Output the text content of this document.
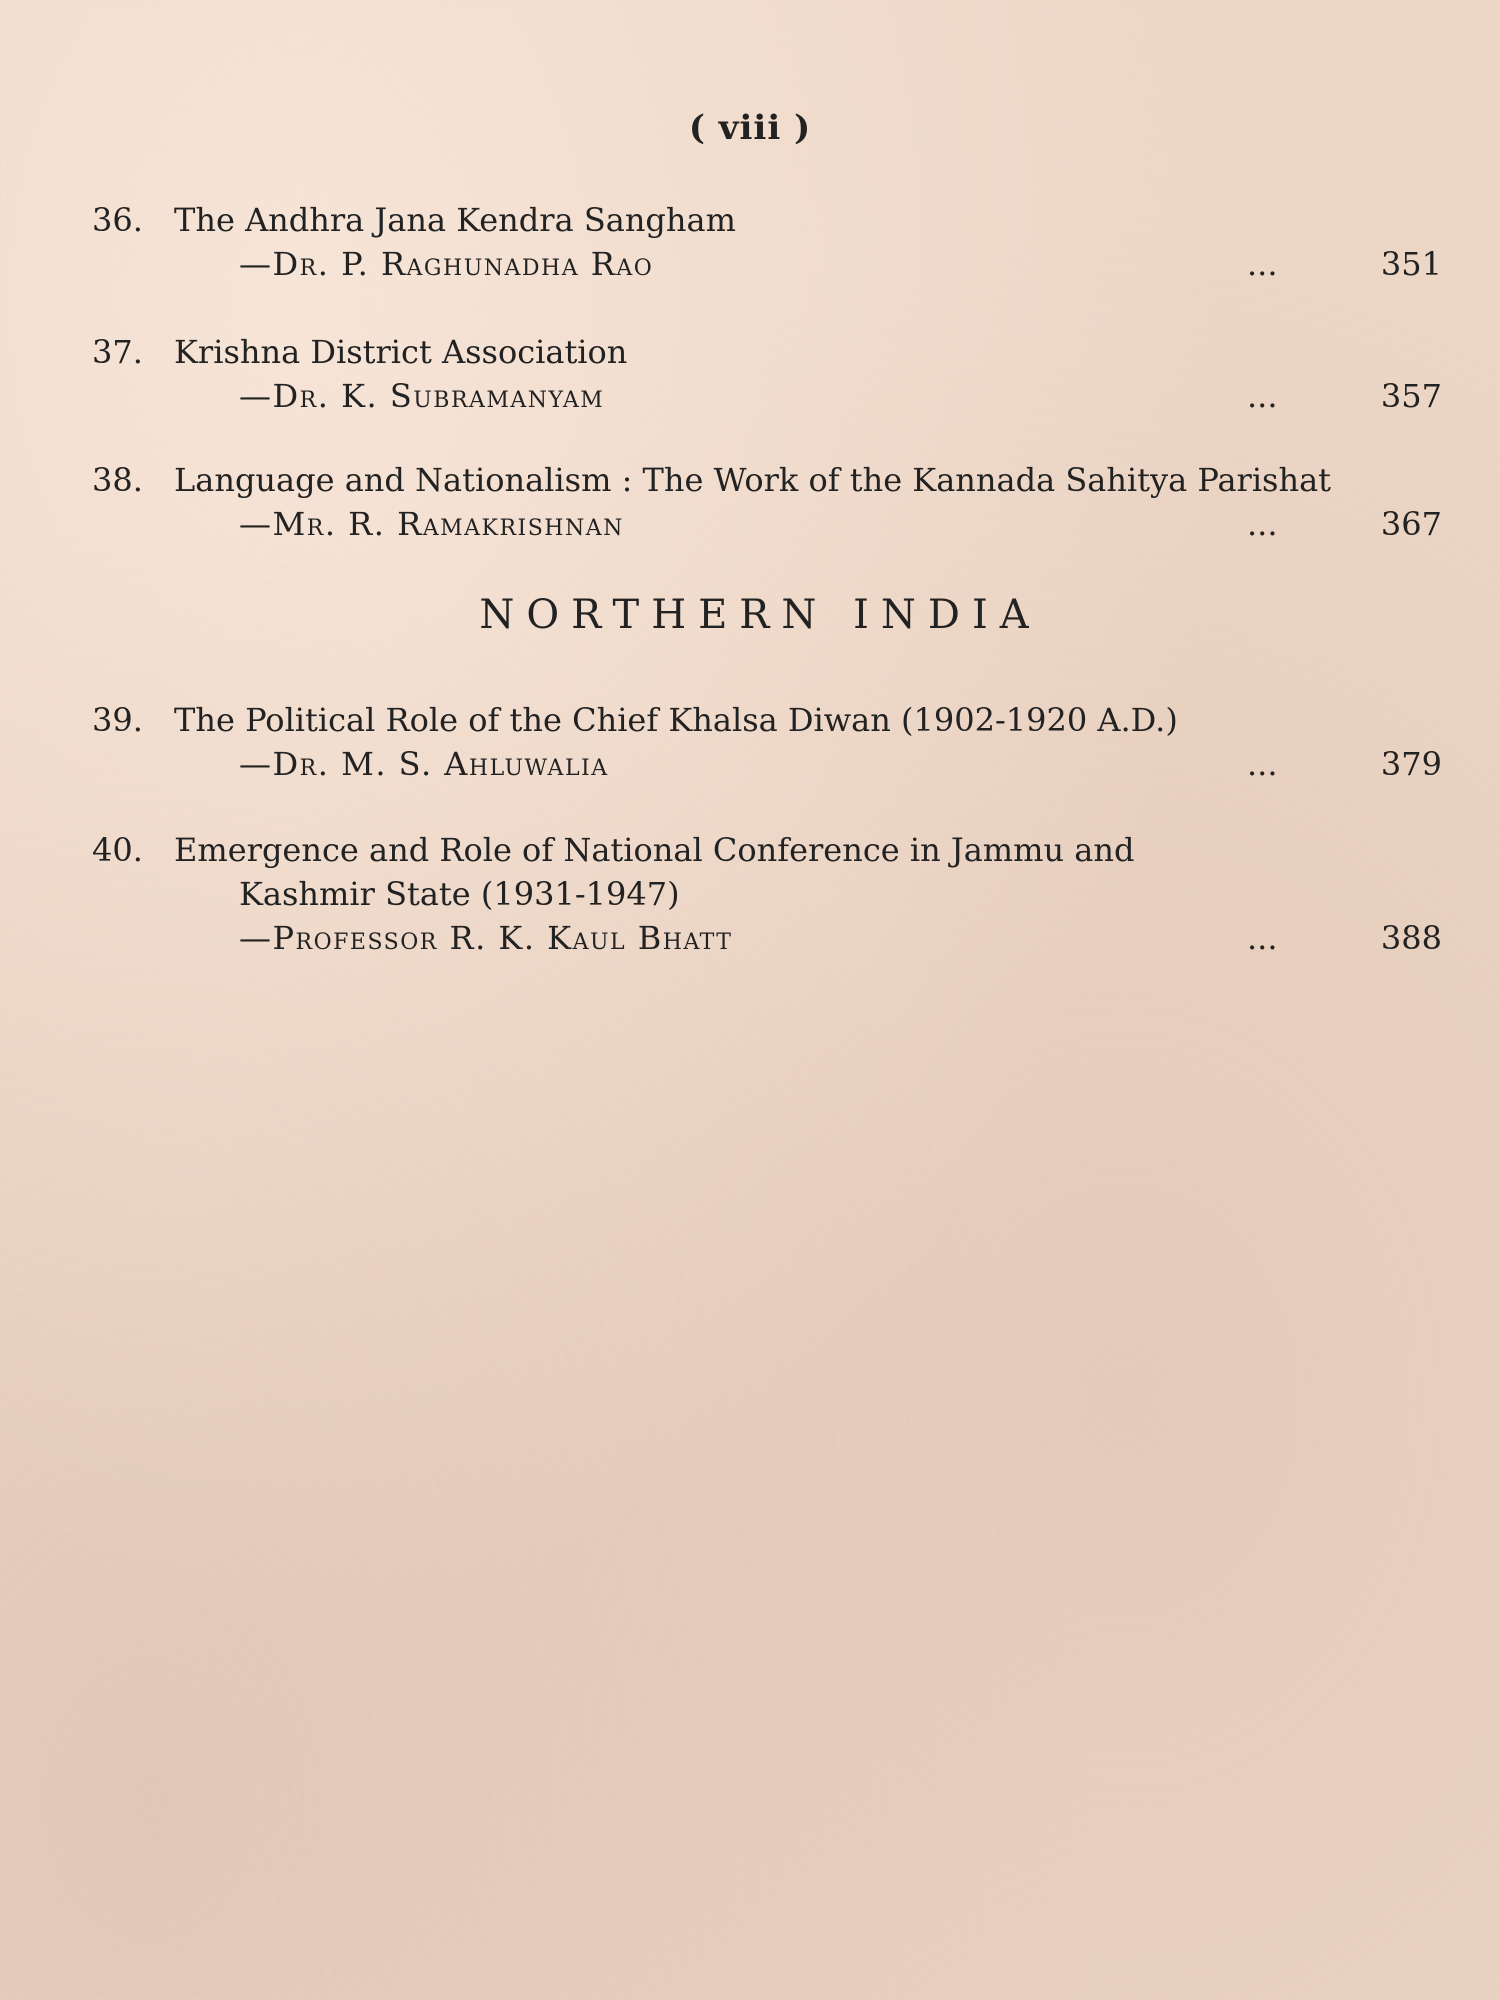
( viii )
36. The Andhra Jana Kendra Sangham
—Dr. P. Raghunadha Rao	...	351
37. Krishna District Association
—Dr. K. Subramanyam	...	357
38. Language and Nationalism : The Work of the Kannada Sahitya Parishat
—Mr. R. Ramakrishnan	...	367
NORTHERN INDIA
39. The Political Role of the Chief Khalsa Diwan (1902-1920 A.D.)
—Dr. M. S. Ahluwalia	...	379
40. Emergence and Role of National Conference in Jammu and
Kashmir State (1931-1947)
—Professor R. K. Kaul Bhatt	...	388
